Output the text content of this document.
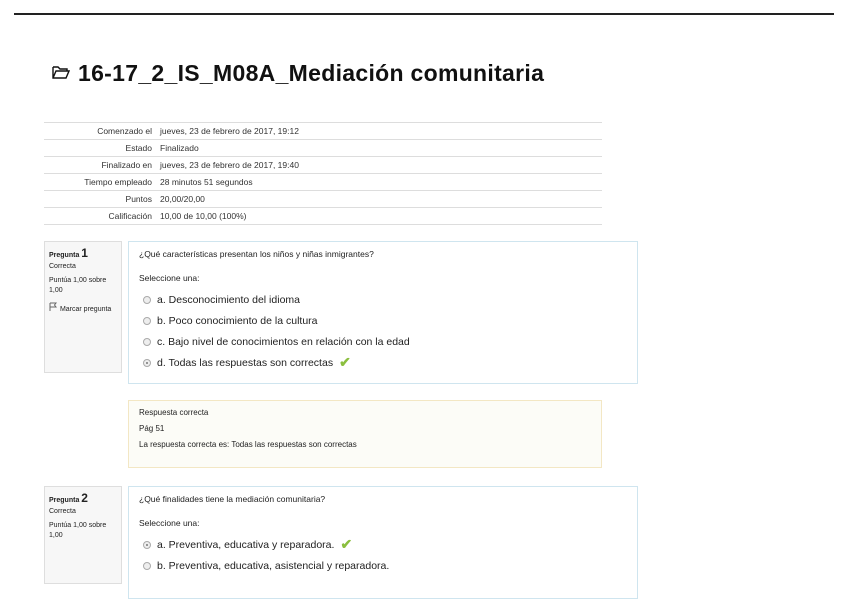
16-17_2_IS_M08A_Mediación comunitaria
Comenzado el	jueves, 23 de febrero de 2017, 19:12
Estado	Finalizado
Finalizado en	jueves, 23 de febrero de 2017, 19:40
Tiempo empleado	28 minutos 51 segundos
Puntos	20,00/20,00
Calificación	10,00 de 10,00 (100%)
Pregunta 1
Correcta
Puntúa 1,00 sobre 1,00
Marcar pregunta
¿Qué características presentan los niños y niñas inmigrantes?
Seleccione una:
a. Desconocimiento del idioma
b. Poco conocimiento de la cultura
c. Bajo nivel de conocimientos en relación con la edad
d. Todas las respuestas son correctas ✔
Respuesta correcta
Pág 51
La respuesta correcta es: Todas las respuestas son correctas
Pregunta 2
Correcta
Puntúa 1,00 sobre 1,00
¿Qué finalidades tiene la mediación comunitaria?
Seleccione una:
a. Preventiva, educativa y reparadora. ✔
b. Preventiva, educativa, asistencial y reparadora.
